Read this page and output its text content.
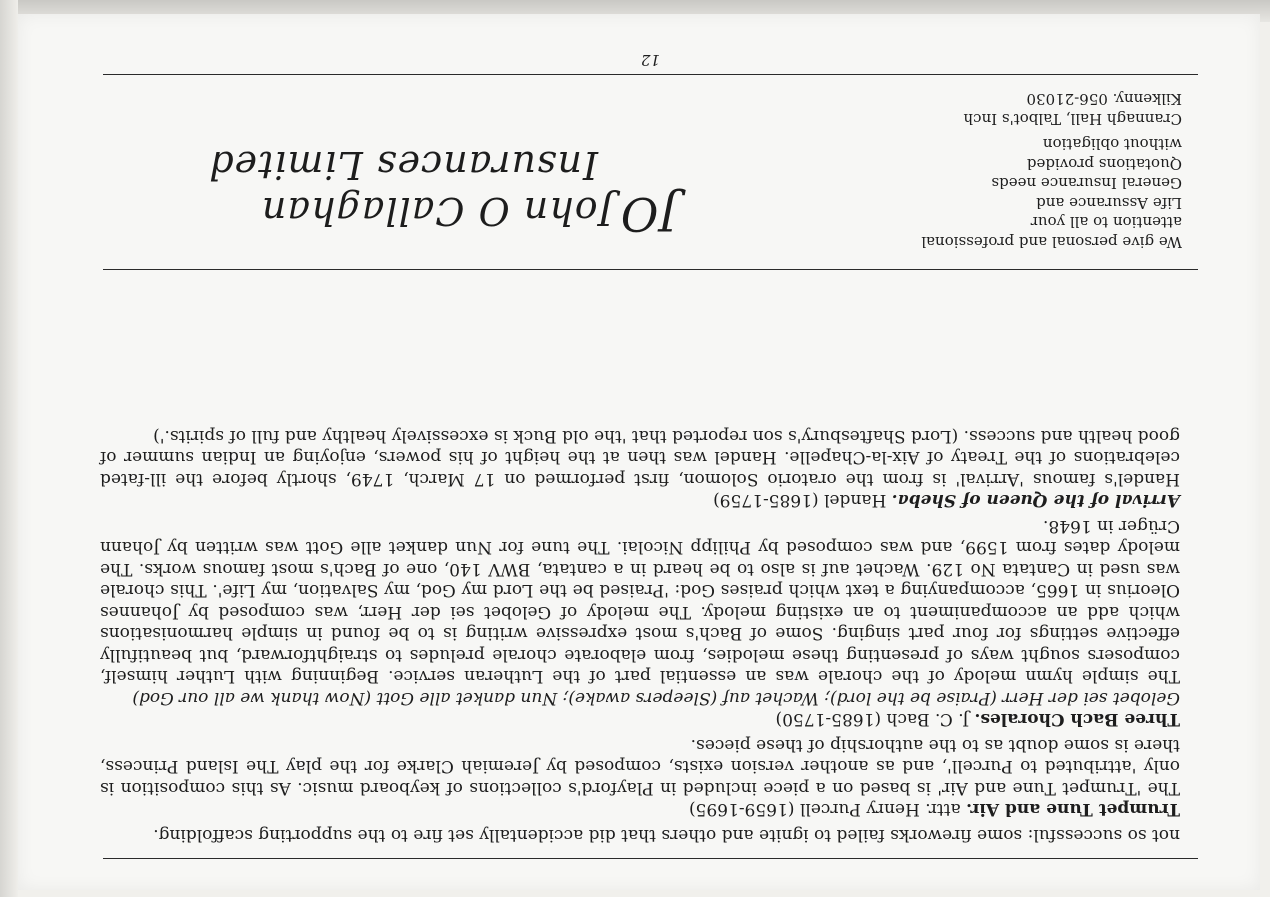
not so successful: some fireworks failed to ignite and others that did accidentally set fire to the supporting scaffolding.

Trumpet Tune and Air. attr. Henry Purcell (1659-1695)

The 'Trumpet Tune and Air' is based on a piece included in Playford's collections of keyboard music. As this composition is only 'attributed to Purcell', and as another version exists, composed by Jeremiah Clarke for the play The Island Princess, there is some doubt as to the authorship of these pieces.

Three Bach Chorales. J. C. Bach (1685-1750)

Gelobet sei der Herr (Praise be the lord); Wachet auf (Sleepers awake); Nun danket alle Gott (Now thank we all our God)

The simple hymn melody of the chorale was an essential part of the Lutheran service. Beginning with Luther himself, composers sought ways of presenting these melodies, from elaborate chorale preludes to straightforward, but beautifully effective settings for four part singing. Some of Bach's most expressive writing is to be found in simple harmonisations which add an accompaniment to an existing melody. The melody of Gelobet sei der Herr, was composed by Johannes Oleorius in 1665, accompanying a text which praises God: 'Praised be the Lord my God, my Salvation, my Life'. This chorale was used in Cantata No 129. Wachet auf is also to be heard in a cantata, BWV 140, one of Bach's most famous works. The melody dates from 1599, and was composed by Philipp Nicolai. The tune for Nun danket alle Gott was written by Johann Crüger in 1648.

Arrival of the Queen of Sheba. Handel (1685-1759)

Handel's famous 'Arrival' is from the oratorio Solomon, first performed on 17 March, 1749, shortly before the ill-fated celebrations of the Treaty of Aix-la-Chapelle. Handel was then at the height of his powers, enjoying an Indian summer of good health and success. (Lord Shaftesbury's son reported that 'the old Buck is excessively healthy and full of spirits.')

We give personal and professional

attention to all your

Life Assurance and

General Insurance needs

Quotations provided

without obligation

Crannagh Hall, Talbot's Inch

Kilkenny. 056-21030

JOJohn O Callaghan
Insurances Limited
12
